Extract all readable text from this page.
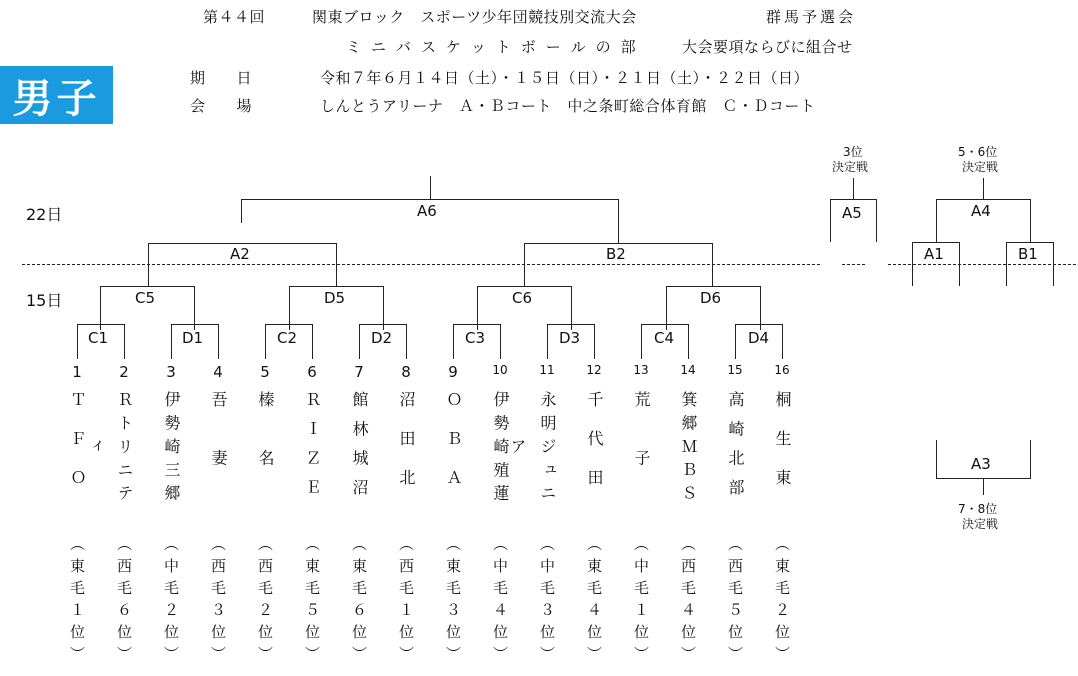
第４４回	関東ブロック　スポーツ少年団競技別交流大会	群馬予選会
ミ ニ バ ス ケ ッ ト ボ ー ル の 部	大会要項ならびに組合せ
期　　日	令和７年６月１４日（土）・１５日（日）・２１日（土）・２２日（日）
会　　場	しんとうアリーナ　Ａ・Ｂコート　中之条町総合体育館　Ｃ・Ｄコート
男子
22日
15日
A6
A2	B2
C5	D5	C6	D6
C1	D1	C2	D2	C3	D3	C4	D4
A5	A4
A1	B1
A3
3位
決定戦
5・6位
決定戦
7・8位
決定戦
1
ＴＦＯ
（東毛１位）
2
Ｒトリニティ
（西毛６位）
3
伊勢崎三郷
（中毛２位）
4
吾妻
（西毛３位）
5
榛名
（西毛２位）
6
ＲＩＺＥ
（東毛５位）
7
館林城沼
（東毛６位）
8
沼田北
（西毛１位）
9
ＯＢＡ
（東毛３位）
10
伊勢崎殖蓮
（中毛４位）
11
永明ジュニア
（中毛３位）
12
千代田
（東毛４位）
13
荒子
（中毛１位）
14
箕郷ＭＢＳ
（西毛４位）
15
高崎北部
（西毛５位）
16
桐生東
（東毛２位）
